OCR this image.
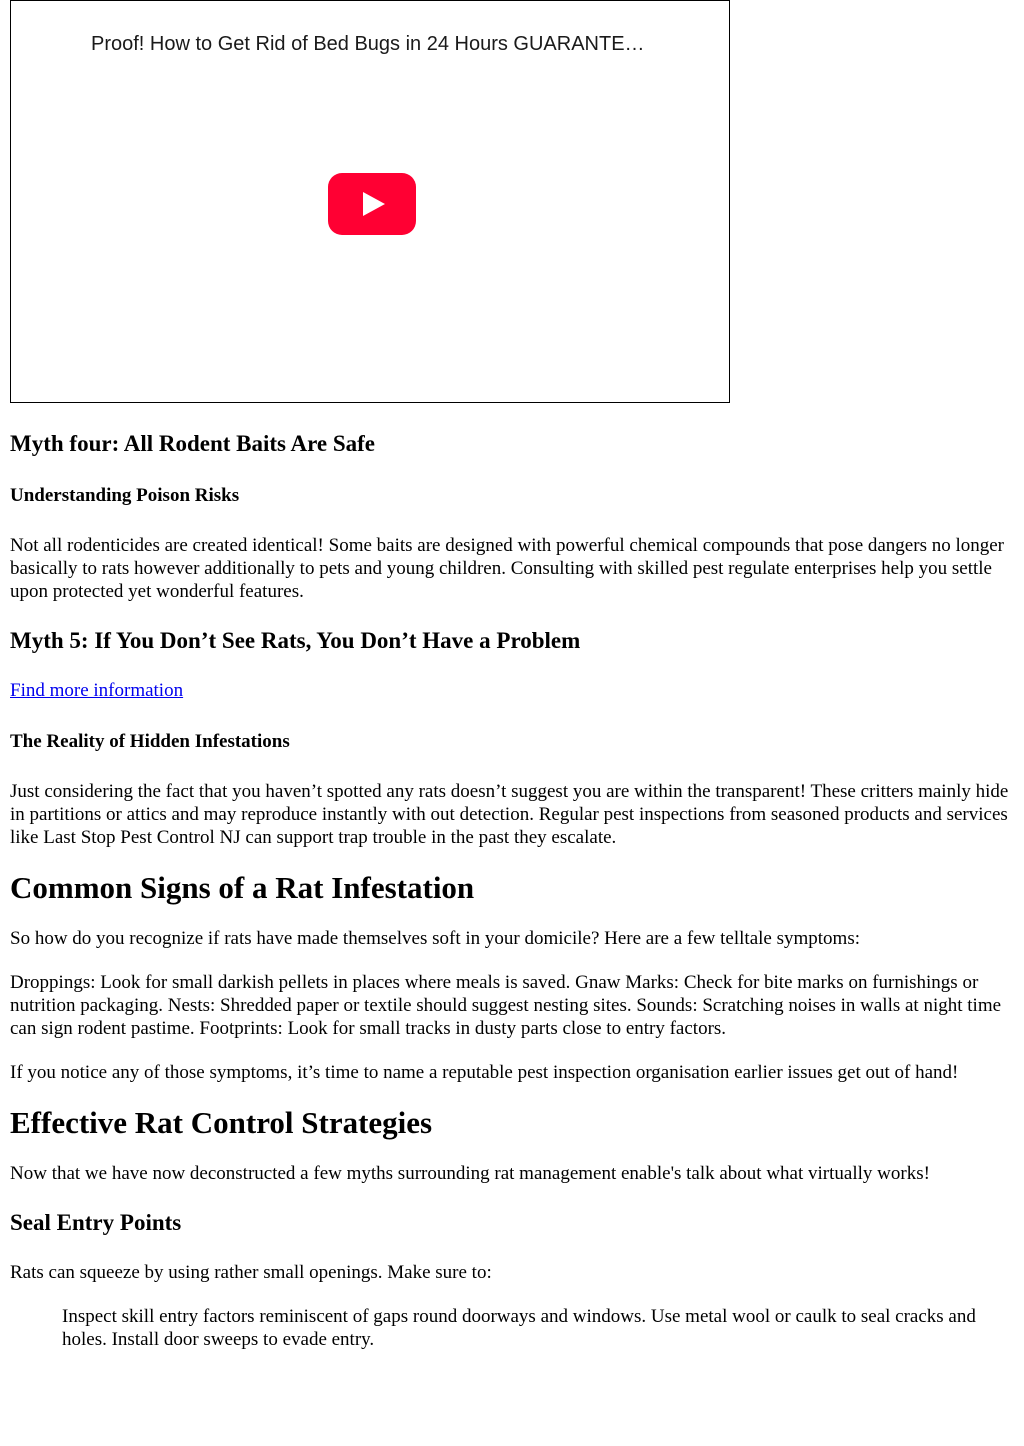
Proof! How to Get Rid of Bed Bugs in 24 Hours GUARANTE…
Myth four: All Rodent Baits Are Safe
Understanding Poison Risks

Not all rodenticides are created identical! Some baits are designed with powerful chemical compounds that pose dangers no longer basically to rats however additionally to pets and young children. Consulting with skilled pest regulate enterprises help you settle upon protected yet wonderful features.

Myth 5: If You Don’t See Rats, You Don’t Have a Problem

Find more information

The Reality of Hidden Infestations

Just considering the fact that you haven’t spotted any rats doesn’t suggest you are within the transparent! These critters mainly hide in partitions or attics and may reproduce instantly with out detection. Regular pest inspections from seasoned products and services like Last Stop Pest Control NJ can support trap trouble in the past they escalate.

Common Signs of a Rat Infestation

So how do you recognize if rats have made themselves soft in your domicile? Here are a few telltale symptoms:

Droppings: Look for small darkish pellets in places where meals is saved. Gnaw Marks: Check for bite marks on furnishings or nutrition packaging. Nests: Shredded paper or textile should suggest nesting sites. Sounds: Scratching noises in walls at night time can sign rodent pastime. Footprints: Look for small tracks in dusty parts close to entry factors.

If you notice any of those symptoms, it’s time to name a reputable pest inspection organisation earlier issues get out of hand!

Effective Rat Control Strategies

Now that we have now deconstructed a few myths surrounding rat management enable's talk about what virtually works!

Seal Entry Points

Rats can squeeze by using rather small openings. Make sure to:

Inspect skill entry factors reminiscent of gaps round doorways and windows. Use metal wool or caulk to seal cracks and holes. Install door sweeps to evade entry.
